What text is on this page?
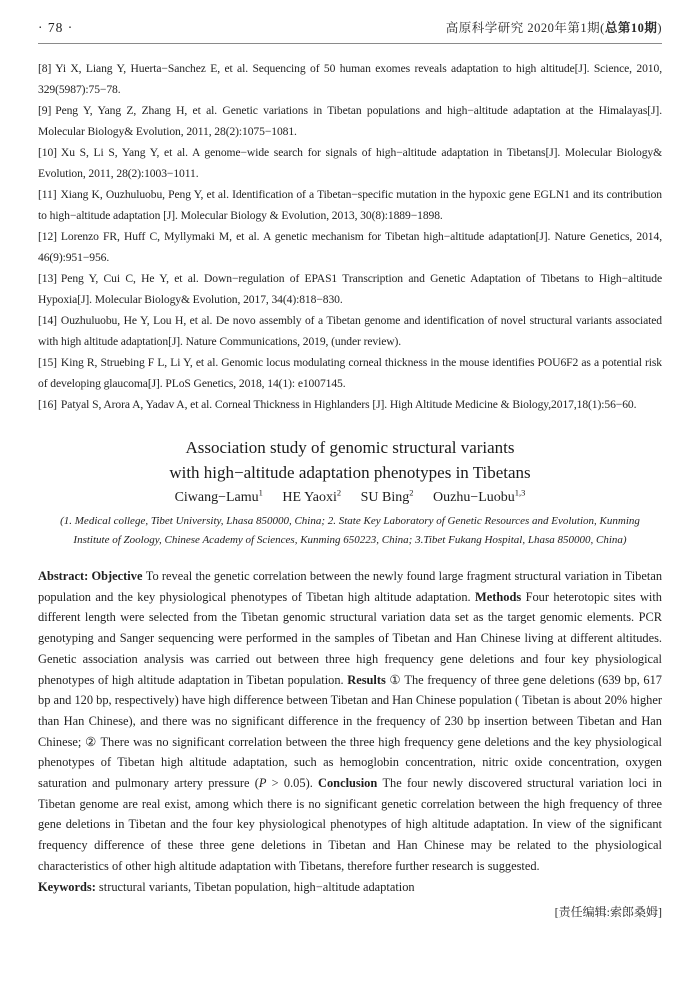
· 78 ·	高原科学研究 2020年第1期(总第10期)

[8] Yi X, Liang Y, Huerta−Sanchez E, et al. Sequencing of 50 human exomes reveals adaptation to high altitude[J]. Science, 2010, 329(5987):75−78.

[9] Peng Y, Yang Z, Zhang H, et al. Genetic variations in Tibetan populations and high−altitude adaptation at the Himalayas[J]. Molecular Biology& Evolution, 2011, 28(2):1075−1081.

[10] Xu S, Li S, Yang Y, et al. A genome−wide search for signals of high−altitude adaptation in Tibetans[J]. Molecular Biology& Evolution, 2011, 28(2):1003−1011.

[11] Xiang K, Ouzhuluobu, Peng Y, et al. Identification of a Tibetan−specific mutation in the hypoxic gene EGLN1 and its contribution to high−altitude adaptation [J]. Molecular Biology & Evolution, 2013, 30(8):1889−1898.

[12] Lorenzo FR, Huff C, Myllymaki M, et al. A genetic mechanism for Tibetan high−altitude adaptation[J]. Nature Genetics, 2014, 46(9):951−956.

[13] Peng Y, Cui C, He Y, et al. Down−regulation of EPAS1 Transcription and Genetic Adaptation of Tibetans to High−altitude Hypoxia[J]. Molecular Biology& Evolution, 2017, 34(4):818−830.

[14] Ouzhuluobu, He Y, Lou H, et al. De novo assembly of a Tibetan genome and identification of novel structural variants associated with high altitude adaptation[J]. Nature Communications, 2019, (under review).

[15] King R, Struebing F L, Li Y, et al. Genomic locus modulating corneal thickness in the mouse identifies POU6F2 as a potential risk of developing glaucoma[J]. PLoS Genetics, 2018, 14(1): e1007145.

[16] Patyal S, Arora A, Yadav A, et al. Corneal Thickness in Highlanders [J]. High Altitude Medicine & Biology,2017,18(1):56−60.

Association study of genomic structural variants
with high−altitude adaptation phenotypes in Tibetans
Ciwang−Lamu$^1$ HE Yaoxi$^2$ SU Bing$^2$ Ouzhu−Luobu$^{1,3}$
(1. Medical college, Tibet University, Lhasa 850000, China; 2. State Key Laboratory of Genetic Resources and Evolution, Kunming
Institute of Zoology, Chinese Academy of Sciences, Kunming 650223, China; 3.Tibet Fukang Hospital, Lhasa 850000, China)

Abstract: Objective To reveal the genetic correlation between the newly found large fragment structural variation in Tibetan population and the key physiological phenotypes of Tibetan high altitude adaptation. Methods Four heterotopic sites with different length were selected from the Tibetan genomic structural variation data set as the target genomic elements. PCR genotyping and Sanger sequencing were performed in the samples of Tibetan and Han Chinese living at different altitudes. Genetic association analysis was carried out between three high frequency gene deletions and four key physiological phenotypes of high altitude adaptation in Tibetan population. Results ① The frequency of three gene deletions (639 bp, 617 bp and 120 bp, respectively) have high difference between Tibetan and Han Chinese population ( Tibetan is about 20% higher than Han Chinese), and there was no significant difference in the frequency of 230 bp insertion between Tibetan and Han Chinese; ② There was no significant correlation between the three high frequency gene deletions and the key physiological phenotypes of Tibetan high altitude adaptation, such as hemoglobin concentration, nitric oxide concentration, oxygen saturation and pulmonary artery pressure (P > 0.05). Conclusion The four newly discovered structural variation loci in Tibetan genome are real exist, among which there is no significant genetic correlation between the high frequency of three gene deletions in Tibetan and the four key physiological phenotypes of high altitude adaptation. In view of the significant frequency difference of these three gene deletions in Tibetan and Han Chinese may be related to the physiological characteristics of other high altitude adaptation with Tibetans, therefore further research is suggested.

Keywords: structural variants, Tibetan population, high−altitude adaptation

[责任编辑:索郎桑姆]
